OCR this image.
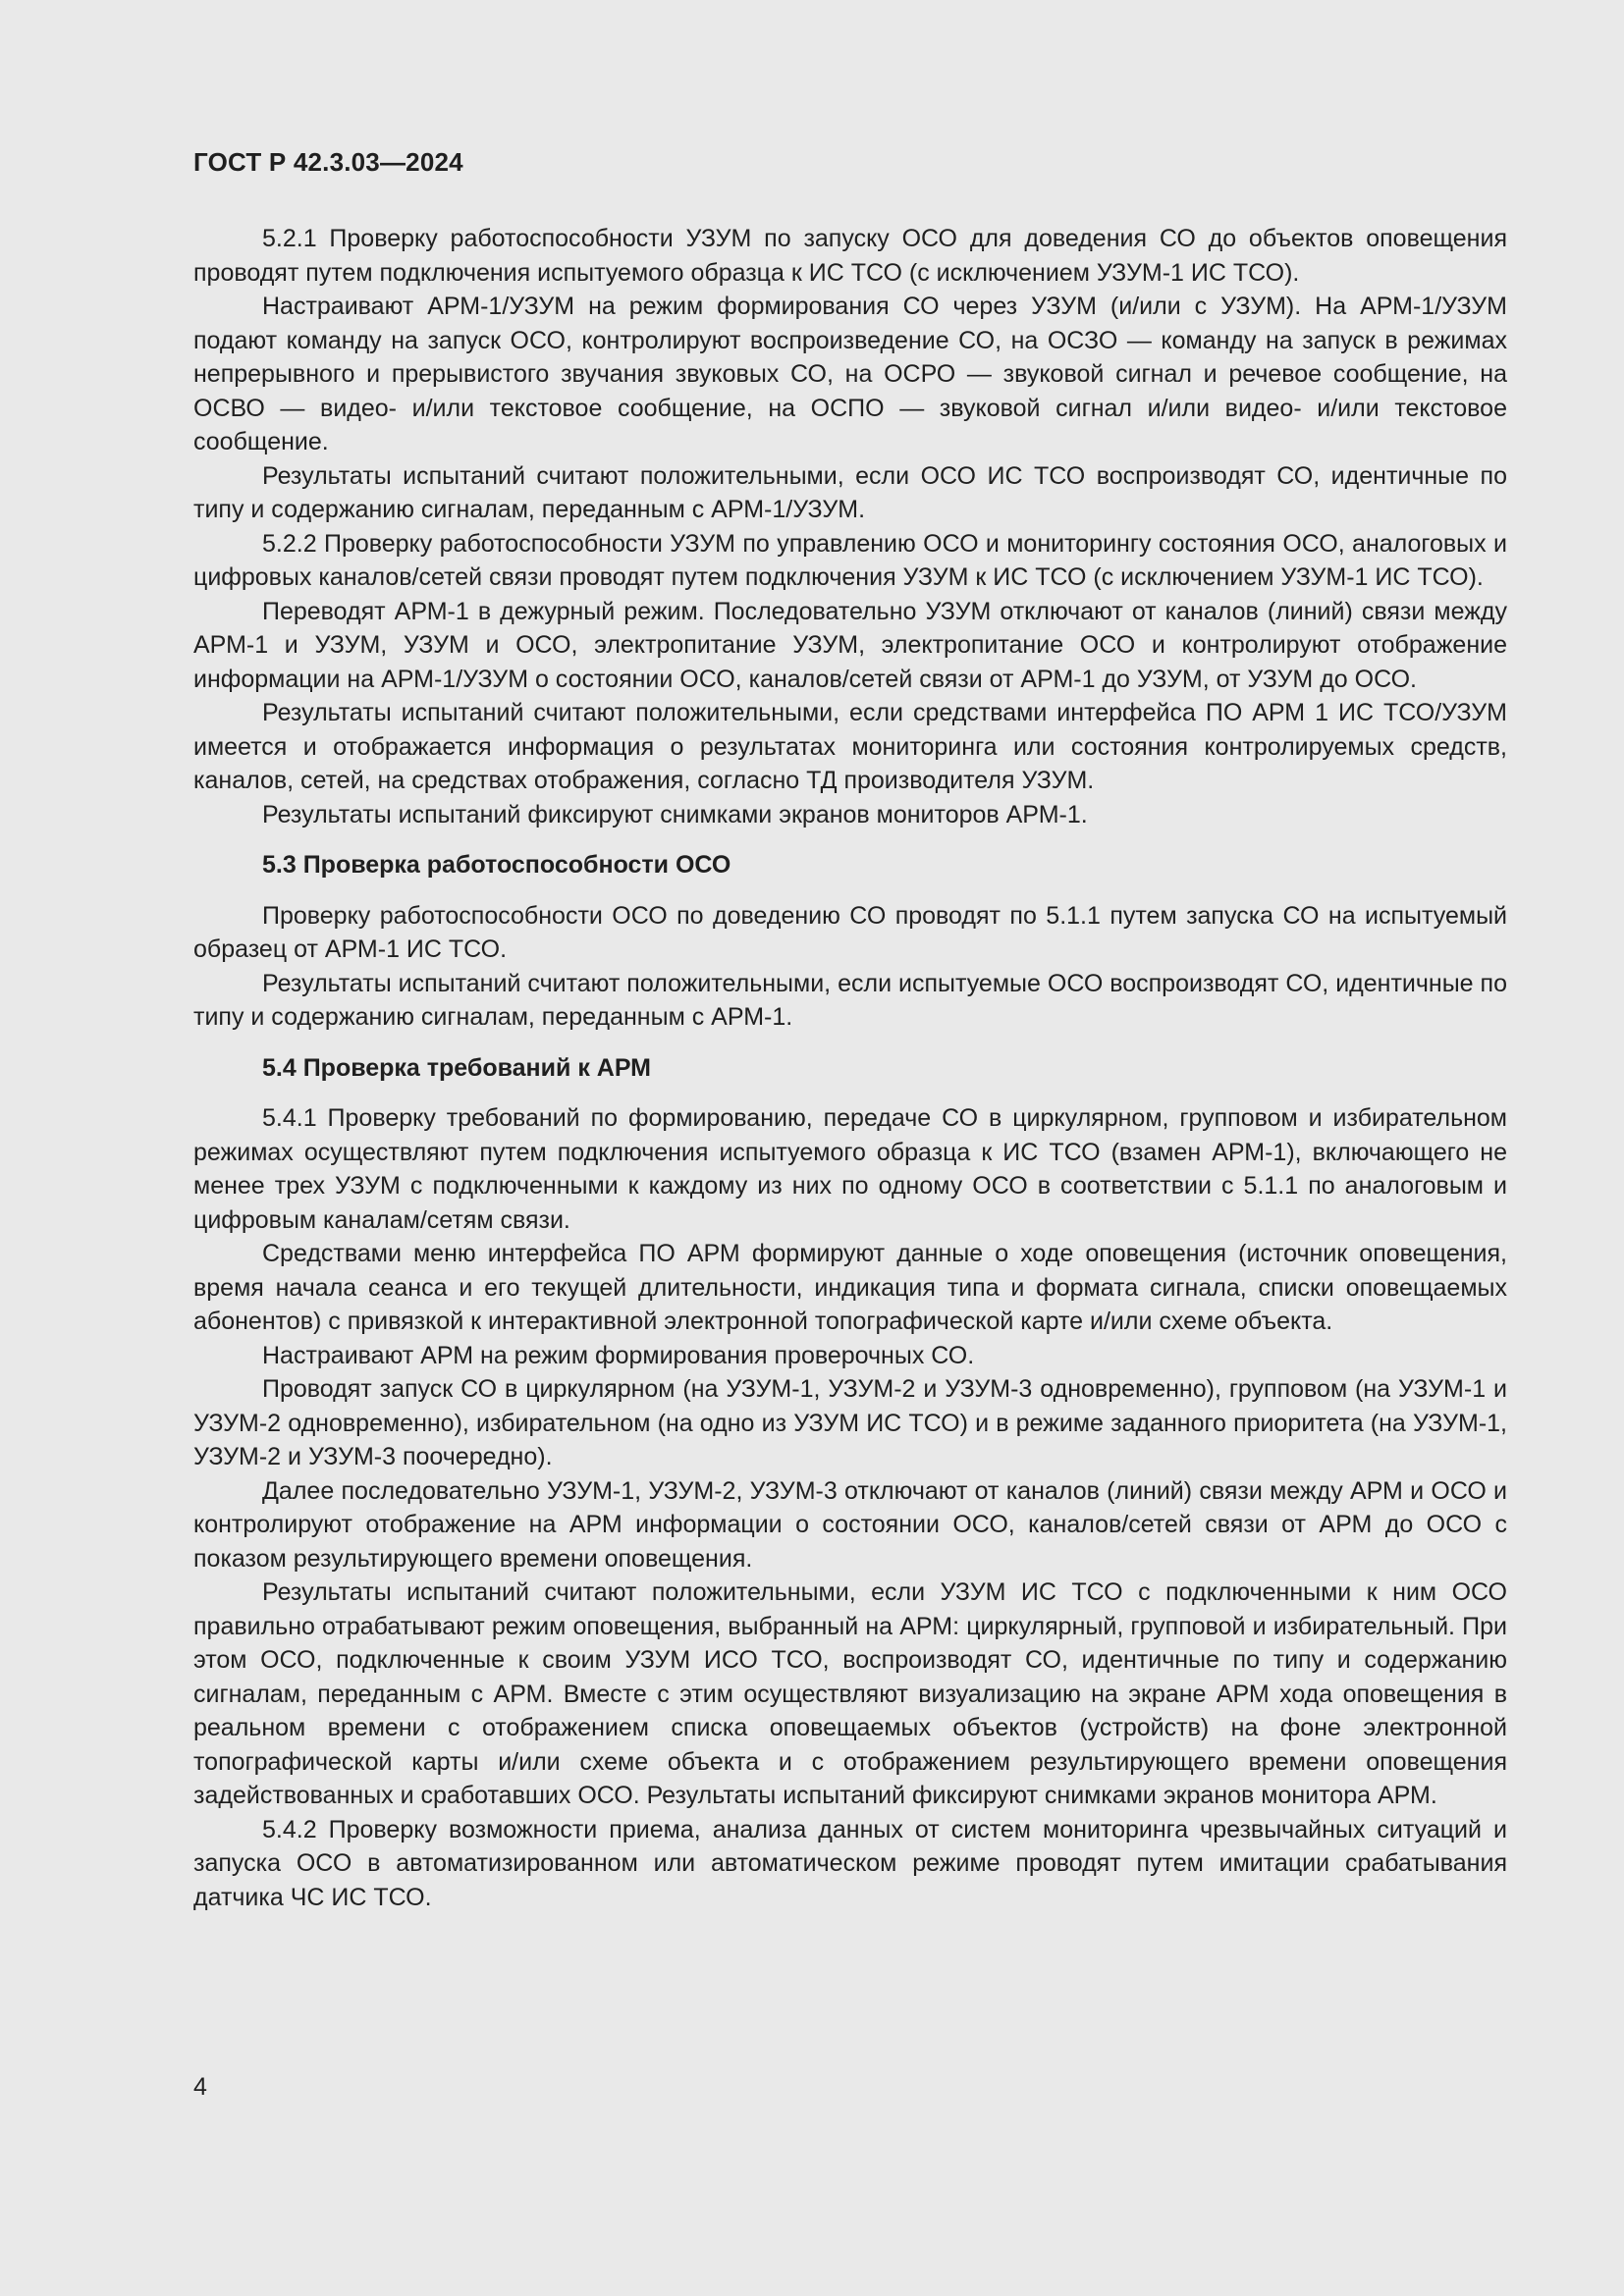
ГОСТ Р 42.3.03—2024

5.2.1 Проверку работоспособности УЗУМ по запуску ОСО для доведения СО до объектов оповещения проводят путем подключения испытуемого образца к ИС ТСО (с исключением УЗУМ-1 ИС ТСО).

Настраивают АРМ-1/УЗУМ на режим формирования СО через УЗУМ (и/или с УЗУМ). На АРМ-1/УЗУМ подают команду на запуск ОСО, контролируют воспроизведение СО, на ОСЗО — команду на запуск в режимах непрерывного и прерывистого звучания звуковых СО, на ОСРО — звуковой сигнал и речевое сообщение, на ОСВО — видео- и/или текстовое сообщение, на ОСПО — звуковой сигнал и/или видео- и/или текстовое сообщение.

Результаты испытаний считают положительными, если ОСО ИС ТСО воспроизводят СО, идентичные по типу и содержанию сигналам, переданным с АРМ-1/УЗУМ.

5.2.2 Проверку работоспособности УЗУМ по управлению ОСО и мониторингу состояния ОСО, аналоговых и цифровых каналов/сетей связи проводят путем подключения УЗУМ к ИС ТСО (с исключением УЗУМ-1 ИС ТСО).

Переводят АРМ-1 в дежурный режим. Последовательно УЗУМ отключают от каналов (линий) связи между АРМ-1 и УЗУМ, УЗУМ и ОСО, электропитание УЗУМ, электропитание ОСО и контролируют отображение информации на АРМ-1/УЗУМ о состоянии ОСО, каналов/сетей связи от АРМ-1 до УЗУМ, от УЗУМ до ОСО.

Результаты испытаний считают положительными, если средствами интерфейса ПО АРМ 1 ИС ТСО/УЗУМ имеется и отображается информация о результатах мониторинга или состояния контролируемых средств, каналов, сетей, на средствах отображения, согласно ТД производителя УЗУМ.

Результаты испытаний фиксируют снимками экранов мониторов АРМ-1.

5.3 Проверка работоспособности ОСО

Проверку работоспособности ОСО по доведению СО проводят по 5.1.1 путем запуска СО на испытуемый образец от АРМ-1 ИС ТСО.

Результаты испытаний считают положительными, если испытуемые ОСО воспроизводят СО, идентичные по типу и содержанию сигналам, переданным с АРМ-1.

5.4 Проверка требований к АРМ

5.4.1 Проверку требований по формированию, передаче СО в циркулярном, групповом и избирательном режимах осуществляют путем подключения испытуемого образца к ИС ТСО (взамен АРМ-1), включающего не менее трех УЗУМ с подключенными к каждому из них по одному ОСО в соответствии с 5.1.1 по аналоговым и цифровым каналам/сетям связи.

Средствами меню интерфейса ПО АРМ формируют данные о ходе оповещения (источник оповещения, время начала сеанса и его текущей длительности, индикация типа и формата сигнала, списки оповещаемых абонентов) с привязкой к интерактивной электронной топографической карте и/или схеме объекта.

Настраивают АРМ на режим формирования проверочных СО.

Проводят запуск СО в циркулярном (на УЗУМ-1, УЗУМ-2 и УЗУМ-3 одновременно), групповом (на УЗУМ-1 и УЗУМ-2 одновременно), избирательном (на одно из УЗУМ ИС ТСО) и в режиме заданного приоритета (на УЗУМ-1, УЗУМ-2 и УЗУМ-3 поочередно).

Далее последовательно УЗУМ-1, УЗУМ-2, УЗУМ-3 отключают от каналов (линий) связи между АРМ и ОСО и контролируют отображение на АРМ информации о состоянии ОСО, каналов/сетей связи от АРМ до ОСО с показом результирующего времени оповещения.

Результаты испытаний считают положительными, если УЗУМ ИС ТСО с подключенными к ним ОСО правильно отрабатывают режим оповещения, выбранный на АРМ: циркулярный, групповой и избирательный. При этом ОСО, подключенные к своим УЗУМ ИСО ТСО, воспроизводят СО, идентичные по типу и содержанию сигналам, переданным с АРМ. Вместе с этим осуществляют визуализацию на экране АРМ хода оповещения в реальном времени с отображением списка оповещаемых объектов (устройств) на фоне электронной топографической карты и/или схеме объекта и с отображением результирующего времени оповещения задействованных и сработавших ОСО. Результаты испытаний фиксируют снимками экранов монитора АРМ.

5.4.2 Проверку возможности приема, анализа данных от систем мониторинга чрезвычайных ситуаций и запуска ОСО в автоматизированном или автоматическом режиме проводят путем имитации срабатывания датчика ЧС ИС ТСО.

4
